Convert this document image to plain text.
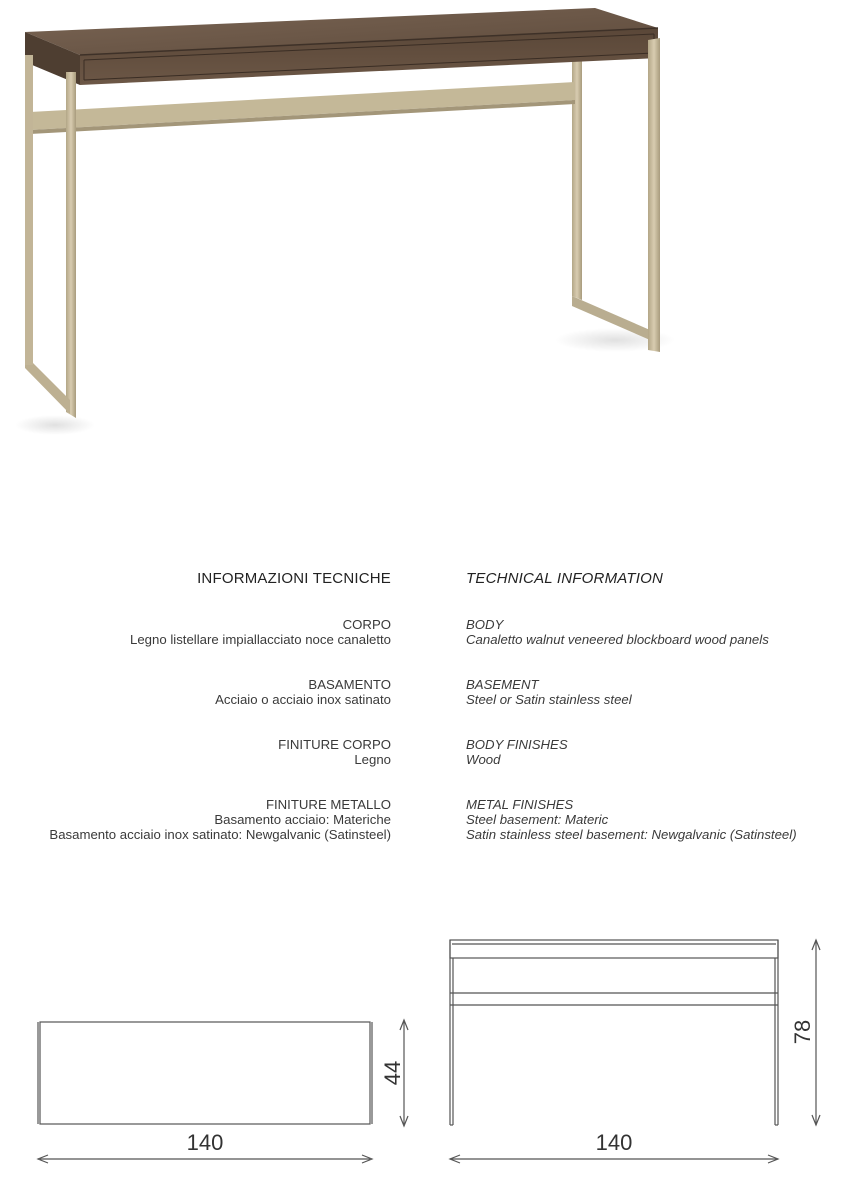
INFORMAZIONI TECNICHE
CORPO
Legno listellare impiallacciato noce canaletto
BASAMENTO
Acciaio o acciaio inox satinato
FINITURE CORPO
Legno
FINITURE METALLO
Basamento acciaio: Materiche
Basamento acciaio inox satinato: Newgalvanic (Satinsteel)
TECHNICAL INFORMATION
BODY
Canaletto walnut veneered blockboard wood panels
BASEMENT
Steel or Satin stainless steel
BODY FINISHES
Wood
METAL FINISHES
Steel basement: Materic
Satin stainless steel basement: Newgalvanic (Satinsteel)
44
140
78
140
